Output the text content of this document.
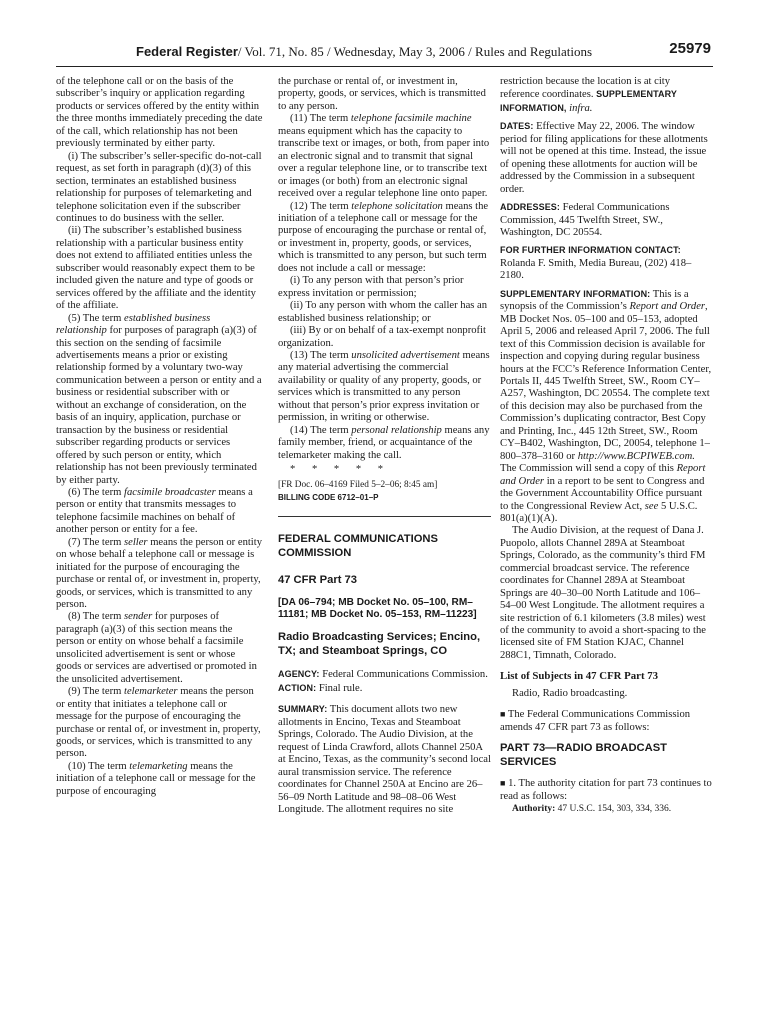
Federal Register/ Vol. 71, No. 85 / Wednesday, May 3, 2006 / Rules and Regulations	25979

of the telephone call or on the basis of the subscriber’s inquiry or application regarding products or services offered by the entity within the three months immediately preceding the date of the call, which relationship has not been previously terminated by either party.

(i) The subscriber’s seller-specific do-not-call request, as set forth in paragraph (d)(3) of this section, terminates an established business relationship for purposes of telemarketing and telephone solicitation even if the subscriber continues to do business with the seller.

(ii) The subscriber’s established business relationship with a particular business entity does not extend to affiliated entities unless the subscriber would reasonably expect them to be included given the nature and type of goods or services offered by the affiliate and the identity of the affiliate.

(5) The term established business relationship for purposes of paragraph (a)(3) of this section on the sending of facsimile advertisements means a prior or existing relationship formed by a voluntary two-way communication between a person or entity and a business or residential subscriber with or without an exchange of consideration, on the basis of an inquiry, application, purchase or transaction by the business or residential subscriber regarding products or services offered by such person or entity, which relationship has not been previously terminated by either party.

(6) The term facsimile broadcaster means a person or entity that transmits messages to telephone facsimile machines on behalf of another person or entity for a fee.

(7) The term seller means the person or entity on whose behalf a telephone call or message is initiated for the purpose of encouraging the purchase or rental of, or investment in, property, goods, or services, which is transmitted to any person.

(8) The term sender for purposes of paragraph (a)(3) of this section means the person or entity on whose behalf a facsimile unsolicited advertisement is sent or whose goods or services are advertised or promoted in the unsolicited advertisement.

(9) The term telemarketer means the person or entity that initiates a telephone call or message for the purpose of encouraging the purchase or rental of, or investment in, property, goods, or services, which is transmitted to any person.

(10) The term telemarketing means the initiation of a telephone call or message for the purpose of encouraging

the purchase or rental of, or investment in, property, goods, or services, which is transmitted to any person.

(11) The term telephone facsimile machine means equipment which has the capacity to transcribe text or images, or both, from paper into an electronic signal and to transmit that signal over a regular telephone line, or to transcribe text or images (or both) from an electronic signal received over a regular telephone line onto paper.

(12) The term telephone solicitation means the initiation of a telephone call or message for the purpose of encouraging the purchase or rental of, or investment in, property, goods, or services, which is transmitted to any person, but such term does not include a call or message:

(i) To any person with that person’s prior express invitation or permission;

(ii) To any person with whom the caller has an established business relationship; or

(iii) By or on behalf of a tax-exempt nonprofit organization.

(13) The term unsolicited advertisement means any material advertising the commercial availability or quality of any property, goods, or services which is transmitted to any person without that person’s prior express invitation or permission, in writing or otherwise.

(14) The term personal relationship means any family member, friend, or acquaintance of the telemarketer making the call.

* * * * *

[FR Doc. 06–4169 Filed 5–2–06; 8:45 am]

BILLING CODE 6712–01–P

FEDERAL COMMUNICATIONS COMMISSION

47 CFR Part 73

[DA 06–794; MB Docket No. 05–100, RM–11181; MB Docket No. 05–153, RM–11223]

Radio Broadcasting Services; Encino, TX; and Steamboat Springs, CO

AGENCY: Federal Communications Commission.

ACTION: Final rule.

SUMMARY: This document allots two new allotments in Encino, Texas and Steamboat Springs, Colorado. The Audio Division, at the request of Linda Crawford, allots Channel 250A at Encino, Texas, as the community’s second local aural transmission service. The reference coordinates for Channel 250A at Encino are 26–56–09 North Latitude and 98–08–06 West Longitude. The allotment requires no site

restriction because the location is at city reference coordinates. SUPPLEMENTARY INFORMATION, infra.

DATES: Effective May 22, 2006. The window period for filing applications for these allotments will not be opened at this time. Instead, the issue of opening these allotments for auction will be addressed by the Commission in a subsequent order.

ADDRESSES: Federal Communications Commission, 445 Twelfth Street, SW., Washington, DC 20554.

FOR FURTHER INFORMATION CONTACT:

Rolanda F. Smith, Media Bureau, (202) 418–2180.

SUPPLEMENTARY INFORMATION: This is a synopsis of the Commission’s Report and Order, MB Docket Nos. 05–100 and 05–153, adopted April 5, 2006 and released April 7, 2006. The full text of this Commission decision is available for inspection and copying during regular business hours at the FCC’s Reference Information Center, Portals II, 445 Twelfth Street, SW., Room CY–A257, Washington, DC 20554. The complete text of this decision may also be purchased from the Commission’s duplicating contractor, Best Copy and Printing, Inc., 445 12th Street, SW., Room CY–B402, Washington, DC, 20054, telephone 1–800–378–3160 or http://www.BCPIWEB.com. The Commission will send a copy of this Report and Order in a report to be sent to Congress and the Government Accountability Office pursuant to the Congressional Review Act, see 5 U.S.C. 801(a)(1)(A).

The Audio Division, at the request of Dana J. Puopolo, allots Channel 289A at Steamboat Springs, Colorado, as the community’s third FM commercial broadcast service. The reference coordinates for Channel 289A at Steamboat Springs are 40–30–00 North Latitude and 106–54–00 West Longitude. The allotment requires a site restriction of 6.1 kilometers (3.8 miles) west of the community to avoid a short-spacing to the licensed site of FM Station KJAC, Channel 288C1, Timnath, Colorado.

List of Subjects in 47 CFR Part 73

Radio, Radio broadcasting.

■ The Federal Communications Commission amends 47 CFR part 73 as follows:

PART 73—RADIO BROADCAST SERVICES

■ 1. The authority citation for part 73 continues to read as follows:

Authority: 47 U.S.C. 154, 303, 334, 336.
